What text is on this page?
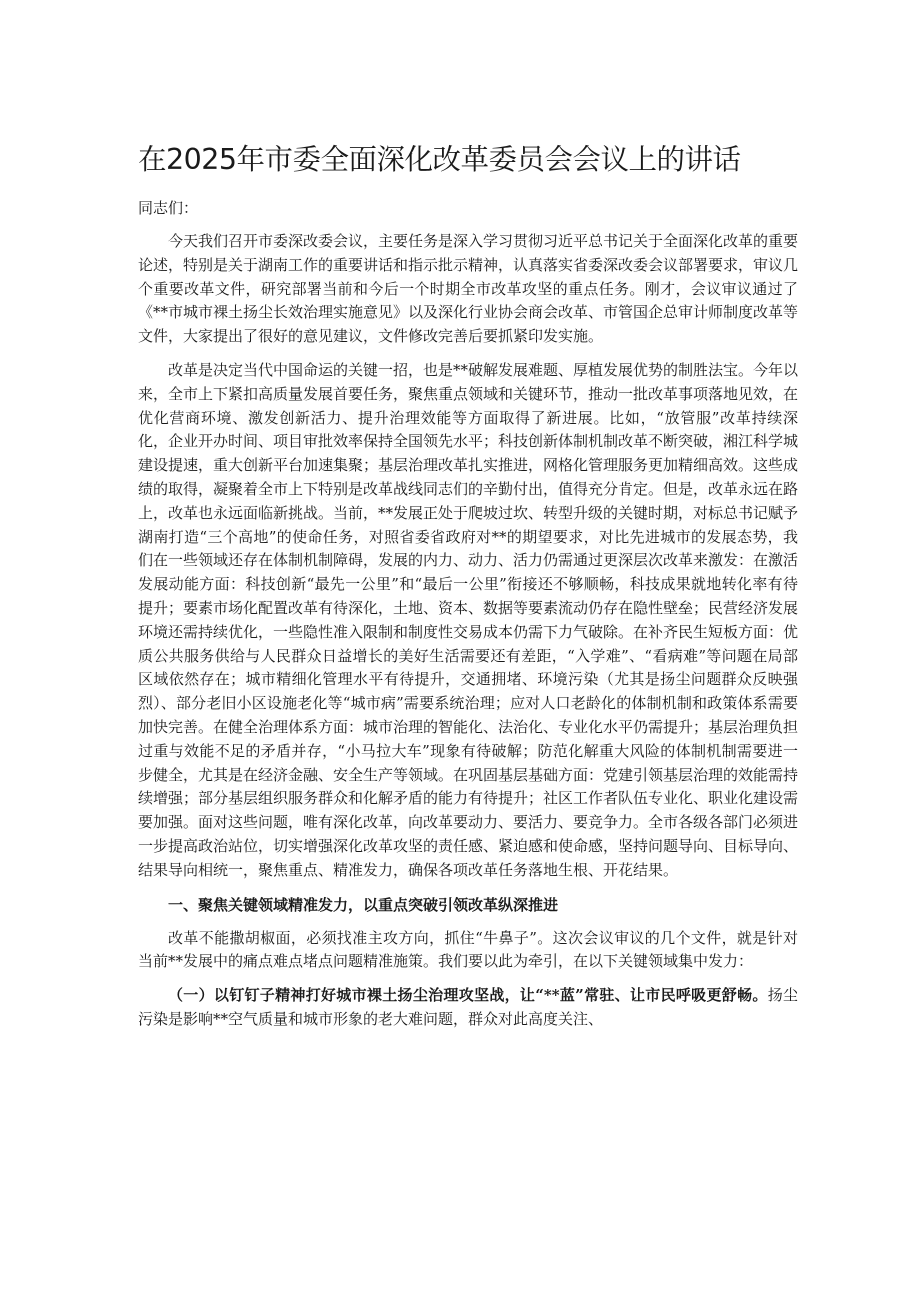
在2025年市委全面深化改革委员会会议上的讲话

同志们：

今天我们召开市委深改委会议，主要任务是深入学习贯彻习近平总书记关于全面深化改革的重要论述，特别是关于湖南工作的重要讲话和指示批示精神，认真落实省委深改委会议部署要求，审议几个重要改革文件，研究部署当前和今后一个时期全市改革攻坚的重点任务。刚才，会议审议通过了《**市城市裸土扬尘长效治理实施意见》以及深化行业协会商会改革、市管国企总审计师制度改革等文件，大家提出了很好的意见建议，文件修改完善后要抓紧印发实施。

改革是决定当代中国命运的关键一招，也是**破解发展难题、厚植发展优势的制胜法宝。今年以来，全市上下紧扣高质量发展首要任务，聚焦重点领域和关键环节，推动一批改革事项落地见效，在优化营商环境、激发创新活力、提升治理效能等方面取得了新进展。比如，“放管服”改革持续深化，企业开办时间、项目审批效率保持全国领先水平；科技创新体制机制改革不断突破，湘江科学城建设提速，重大创新平台加速集聚；基层治理改革扎实推进，网格化管理服务更加精细高效。这些成绩的取得，凝聚着全市上下特别是改革战线同志们的辛勤付出，值得充分肯定。但是，改革永远在路上，改革也永远面临新挑战。当前，**发展正处于爬坡过坎、转型升级的关键时期，对标总书记赋予湖南打造“三个高地”的使命任务，对照省委省政府对**的期望要求，对比先进城市的发展态势，我们在一些领域还存在体制机制障碍，发展的内力、动力、活力仍需通过更深层次改革来激发：在激活发展动能方面：科技创新“最先一公里”和“最后一公里”衔接还不够顺畅，科技成果就地转化率有待提升；要素市场化配置改革有待深化，土地、资本、数据等要素流动仍存在隐性壁垒；民营经济发展环境还需持续优化，一些隐性准入限制和制度性交易成本仍需下力气破除。在补齐民生短板方面：优质公共服务供给与人民群众日益增长的美好生活需要还有差距，“入学难”、“看病难”等问题在局部区域依然存在；城市精细化管理水平有待提升，交通拥堵、环境污染（尤其是扬尘问题群众反映强烈）、部分老旧小区设施老化等“城市病”需要系统治理；应对人口老龄化的体制机制和政策体系需要加快完善。在健全治理体系方面：城市治理的智能化、法治化、专业化水平仍需提升；基层治理负担过重与效能不足的矛盾并存，“小马拉大车”现象有待破解；防范化解重大风险的体制机制需要进一步健全，尤其是在经济金融、安全生产等领域。在巩固基层基础方面：党建引领基层治理的效能需持续增强；部分基层组织服务群众和化解矛盾的能力有待提升；社区工作者队伍专业化、职业化建设需要加强。面对这些问题，唯有深化改革，向改革要动力、要活力、要竞争力。全市各级各部门必须进一步提高政治站位，切实增强深化改革攻坚的责任感、紧迫感和使命感，坚持问题导向、目标导向、结果导向相统一，聚焦重点、精准发力，确保各项改革任务落地生根、开花结果。

一、聚焦关键领域精准发力，以重点突破引领改革纵深推进

改革不能撒胡椒面，必须找准主攻方向，抓住“牛鼻子”。这次会议审议的几个文件，就是针对当前**发展中的痛点难点堵点问题精准施策。我们要以此为牵引，在以下关键领域集中发力：

（一）以钉钉子精神打好城市裸土扬尘治理攻坚战，让“**蓝”常驻、让市民呼吸更舒畅。扬尘污染是影响**空气质量和城市形象的老大难问题，群众对此高度关注、
